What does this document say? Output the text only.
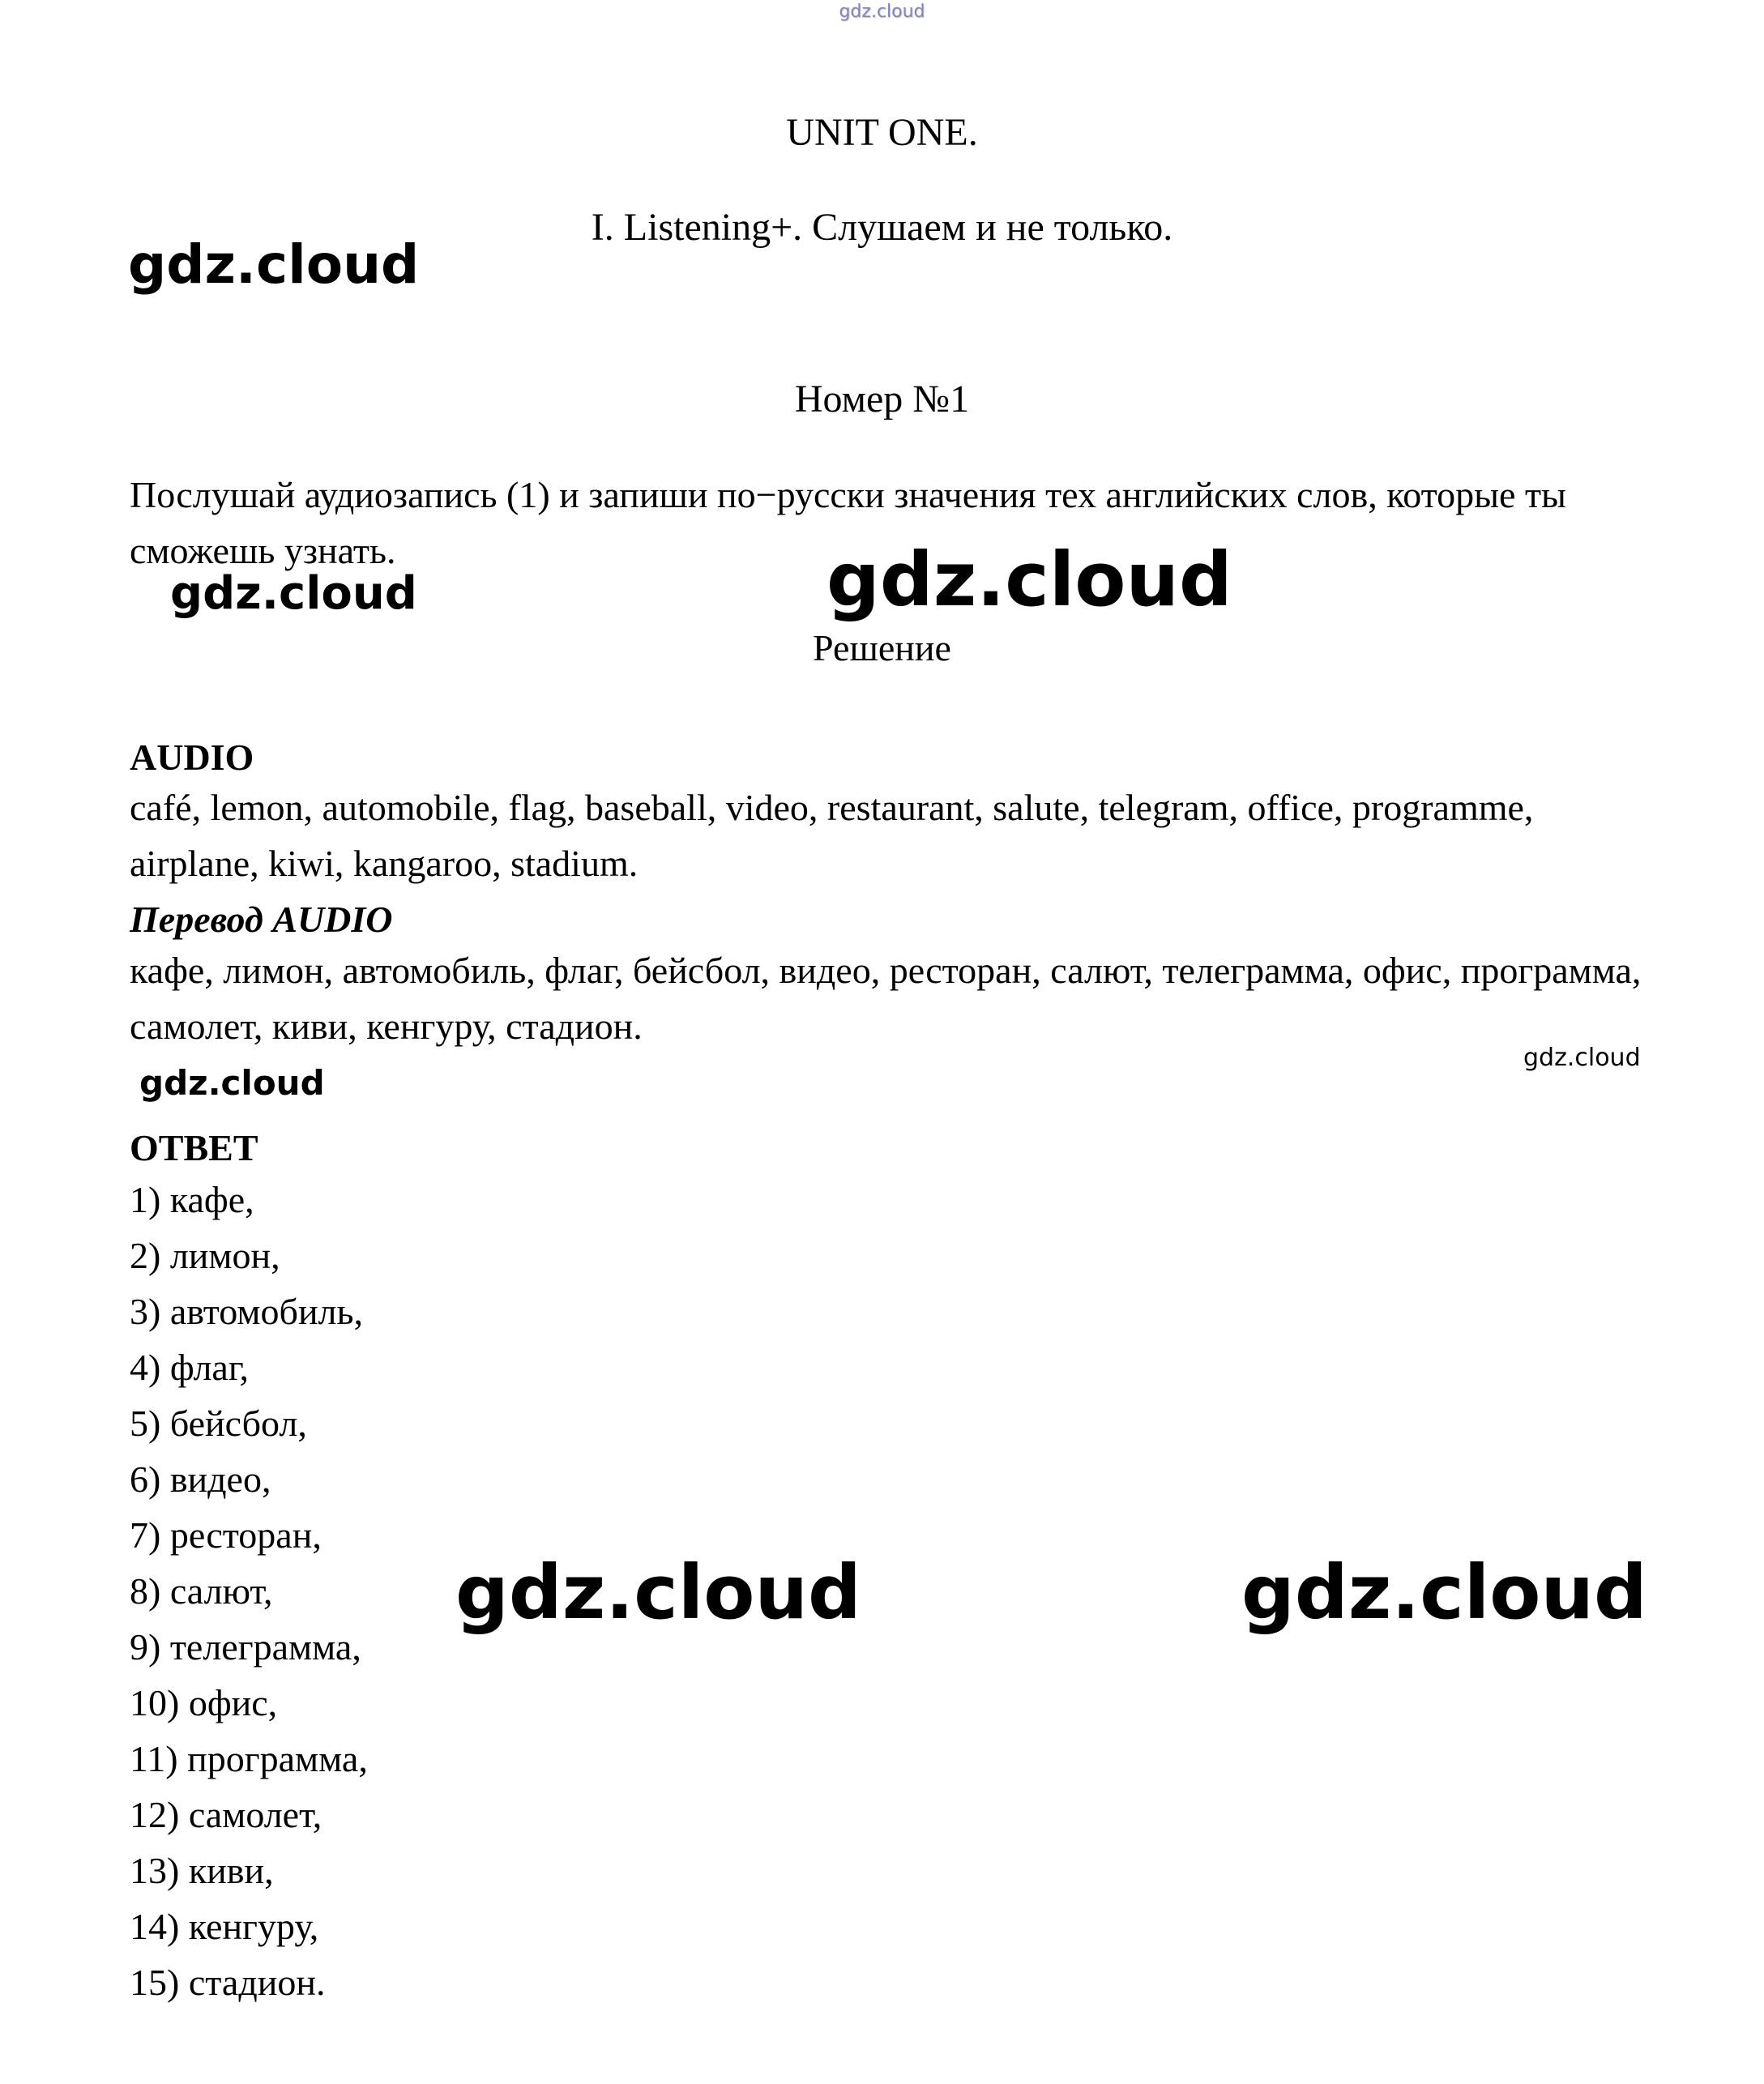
gdz.cloud
gdz.cloud
gdz.cloud	gdz.cloud
gdz.cloud
gdz.cloud
gdz.cloud	gdz.cloud
UNIT ONE.
I. Listening+. Слушаем и не только.
Номер №1
Послушай аудиозапись (1) и запиши по−русски значения тех английских слов, которые ты сможешь узнать.
Решение
AUDIO
café, lemon, automobile, flag, baseball, video, restaurant, salute, telegram, office, programme, airplane, kiwi, kangaroo, stadium.
Перевод AUDIO
кафе, лимон, автомобиль, флаг, бейсбол, видео, ресторан, салют, телеграмма, офис, программа, самолет, киви, кенгуру, стадион.
ОТВЕТ
1) кафе,
2) лимон,
3) автомобиль,
4) флаг,
5) бейсбол,
6) видео,
7) ресторан,
8) салют,
9) телеграмма,
10) офис,
11) программа,
12) самолет,
13) киви,
14) кенгуру,
15) стадион.
